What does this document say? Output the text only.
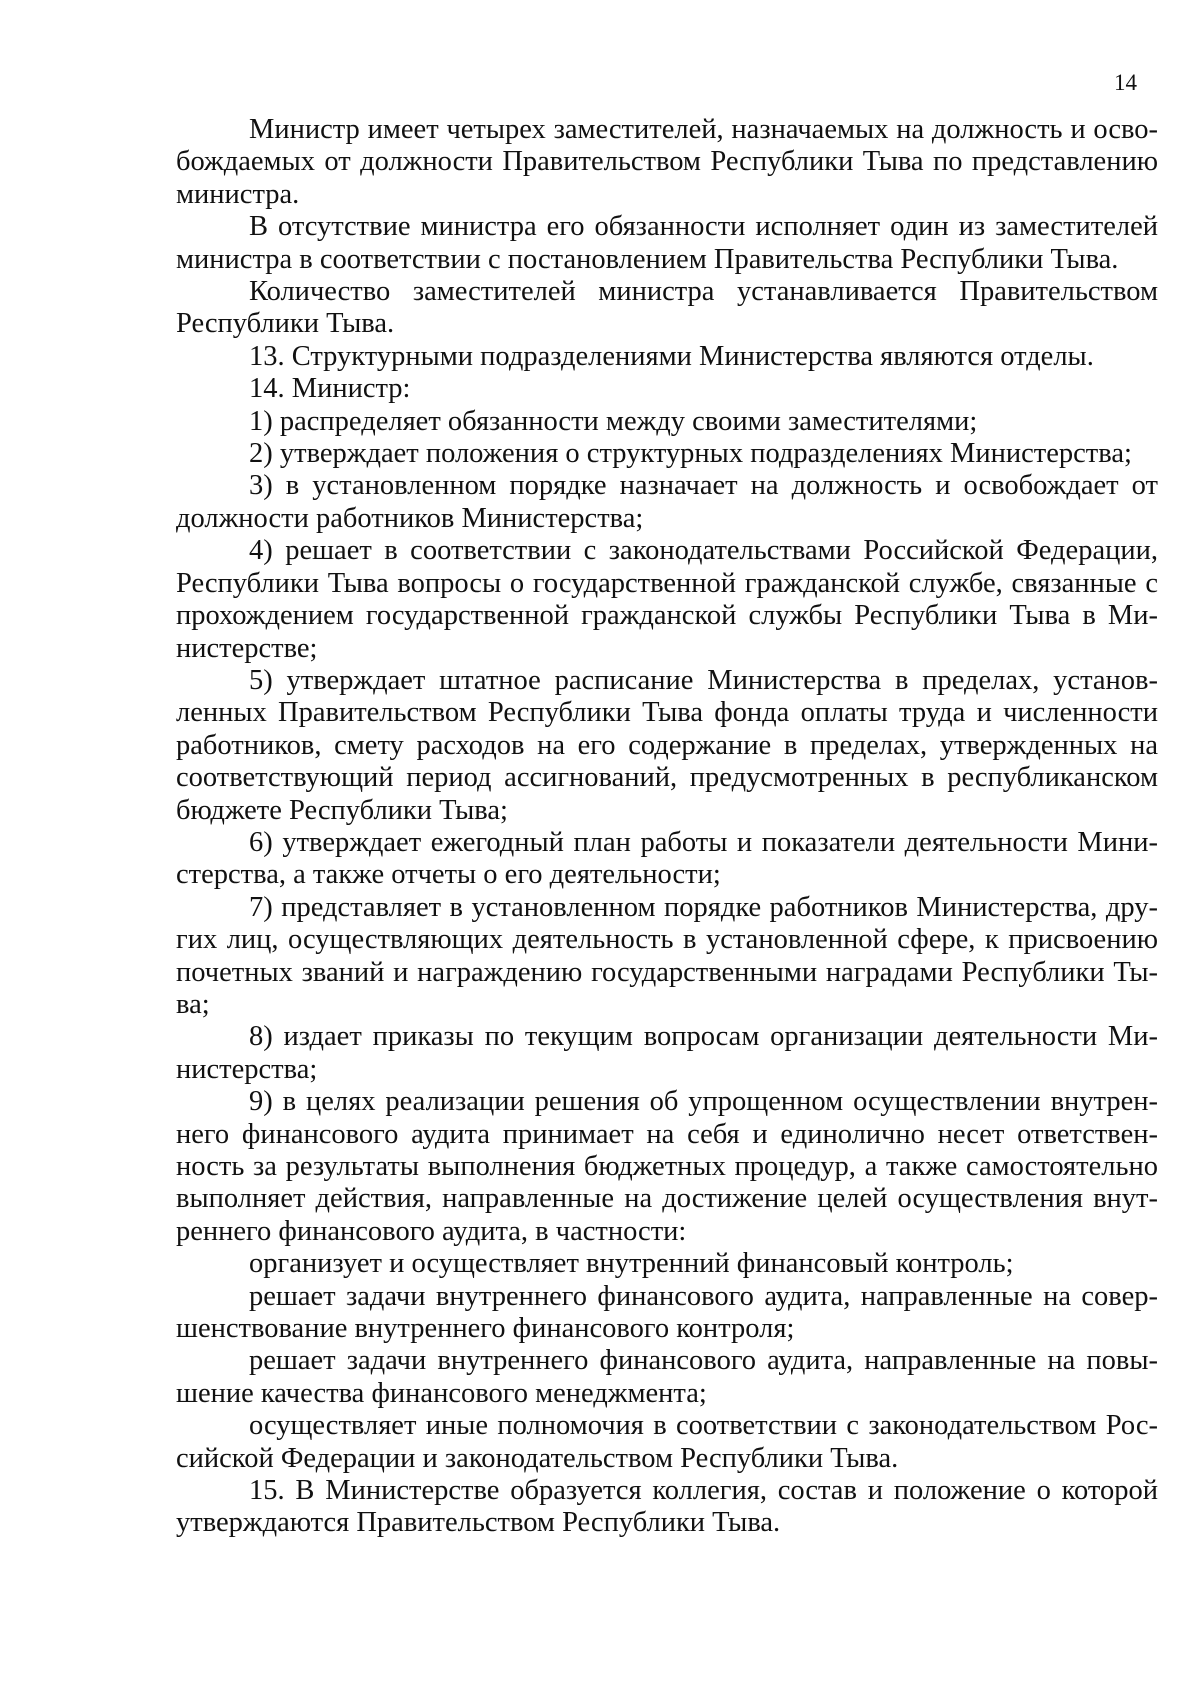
14

Министр имеет четырех заместителей, назначаемых на должность и освобождаемых от должности Правительством Республики Тыва по представлению министра.

В отсутствие министра его обязанности исполняет один из заместителей министра в соответствии с постановлением Правительства Республики Тыва.

Количество заместителей министра устанавливается Правительством Республики Тыва.

13. Структурными подразделениями Министерства являются отделы.

14. Министр:

1) распределяет обязанности между своими заместителями;

2) утверждает положения о структурных подразделениях Министерства;

3) в установленном порядке назначает на должность и освобождает от должности работников Министерства;

4) решает в соответствии с законодательствами Российской Федерации, Республики Тыва вопросы о государственной гражданской службе, связанные с прохождением государственной гражданской службы Республики Тыва в Министерстве;

5) утверждает штатное расписание Министерства в пределах, установленных Правительством Республики Тыва фонда оплаты труда и численности работников, смету расходов на его содержание в пределах, утвержденных на соответствующий период ассигнований, предусмотренных в республиканском бюджете Республики Тыва;

6) утверждает ежегодный план работы и показатели деятельности Министерства, а также отчеты о его деятельности;

7) представляет в установленном порядке работников Министерства, других лиц, осуществляющих деятельность в установленной сфере, к присвоению почетных званий и награждению государственными наградами Республики Тыва;

8) издает приказы по текущим вопросам организации деятельности Министерства;

9) в целях реализации решения об упрощенном осуществлении внутреннего финансового аудита принимает на себя и единолично несет ответственность за результаты выполнения бюджетных процедур, а также самостоятельно выполняет действия, направленные на достижение целей осуществления внутреннего финансового аудита, в частности:

организует и осуществляет внутренний финансовый контроль;

решает задачи внутреннего финансового аудита, направленные на совершенствование внутреннего финансового контроля;

решает задачи внутреннего финансового аудита, направленные на повышение качества финансового менеджмента;

осуществляет иные полномочия в соответствии с законодательством Российской Федерации и законодательством Республики Тыва.

15. В Министерстве образуется коллегия, состав и положение о которой утверждаются Правительством Республики Тыва.
